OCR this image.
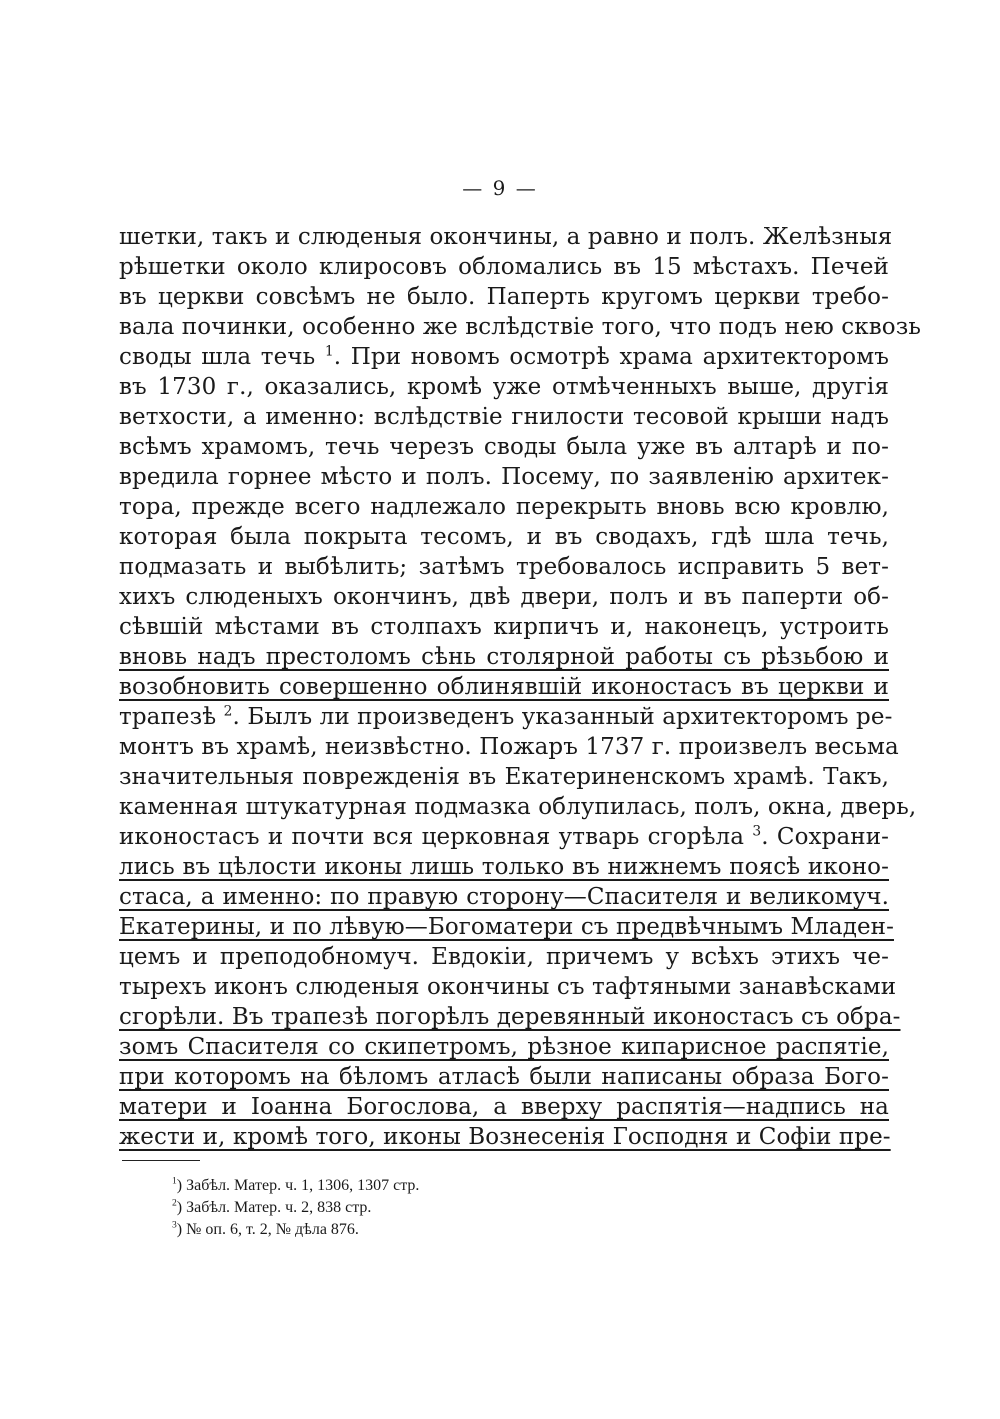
— 9 —
шетки, такъ и слюденыя окончины, а равно и полъ. Желѣзныя
рѣшетки около клиросовъ обломались въ 15 мѣстахъ. Печей
въ церкви совсѣмъ не было. Паперть кругомъ церкви требо-
вала починки, особенно же вслѣдствіе того, что подъ нею сквозь
своды шла течь $^1$. При новомъ осмотрѣ храма архитекторомъ
въ 1730 г., оказались, кромѣ уже отмѣченныхъ выше, другія
ветхости, а именно: вслѣдствіе гнилости тесовой крыши надъ
всѣмъ храмомъ, течь черезъ своды была уже въ алтарѣ и по-
вредила горнее мѣсто и полъ. Посему, по заявленію архитек-
тора, прежде всего надлежало перекрыть вновь всю кровлю,
которая была покрыта тесомъ, и въ сводахъ, гдѣ шла течь,
подмазать и выбѣлить; затѣмъ требовалось исправить 5 вет-
хихъ слюденыхъ окончинъ, двѣ двери, полъ и въ паперти об-
сѣвшій мѣстами въ столпахъ кирпичъ и, наконецъ, устроить
вновь надъ престоломъ сѣнь столярной работы съ рѣзьбою и
возобновить совершенно облинявшій иконостасъ въ церкви и
трапезѣ $^2$. Былъ ли произведенъ указанный архитекторомъ ре-
монтъ въ храмѣ, неизвѣстно. Пожаръ 1737 г. произвелъ весьма
значительныя поврежденія въ Екатериненскомъ храмѣ. Такъ,
каменная штукатурная подмазка облупилась, полъ, окна, дверь,
иконостасъ и почти вся церковная утварь сгорѣла $^3$. Сохрани-
лись въ цѣлости иконы лишь только въ нижнемъ поясѣ иконо-
стаса, а именно: по правую сторону—Спасителя и великомуч.
Екатерины, и по лѣвую—Богоматери съ предвѣчнымъ Младен-
цемъ и преподобномуч. Евдокіи, причемъ у всѣхъ этихъ че-
тырехъ иконъ слюденыя окончины съ тафтяными занавѣсками
сгорѣли. Въ трапезѣ погорѣлъ деревянный иконостасъ съ обра-
зомъ Спасителя со скипетромъ, рѣзное кипарисное распятіе,
при которомъ на бѣломъ атласѣ были написаны образа Бого-
матери и Іоанна Богослова, а вверху распятія—надпись на
жести и, кромѣ того, иконы Вознесенія Господня и Софіи пре-
$^1$) Забѣл. Матер. ч. 1, 1306, 1307 стр.
$^2$) Забѣл. Матер. ч. 2, 838 стр.
$^3$) № оп. 6, т. 2, № дѣла 876.
